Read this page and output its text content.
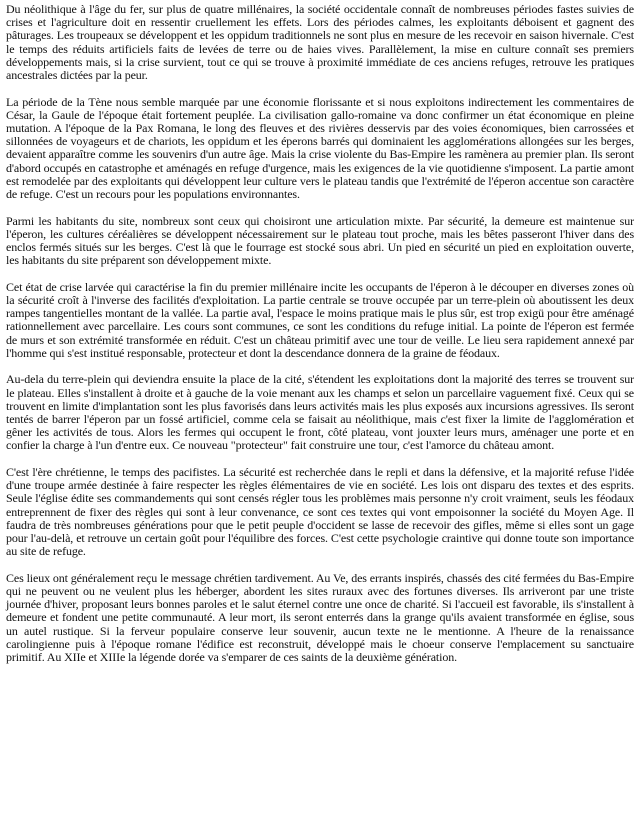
Du néolithique à l'âge du fer, sur plus de quatre millénaires, la société occidentale connaît de nombreuses périodes fastes suivies de crises et l'agriculture doit en ressentir cruellement les effets. Lors des périodes calmes, les exploitants déboisent et gagnent des pâturages. Les troupeaux se développent et les oppidum traditionnels ne sont plus en mesure de les recevoir en saison hivernale. C'est le temps des réduits artificiels faits de levées de terre ou de haies vives. Parallèlement, la mise en culture connaît ses premiers développements mais, si la crise survient, tout ce qui se trouve à proximité immédiate de ces anciens refuges, retrouve les pratiques ancestrales dictées par la peur.

La période de la Tène nous semble marquée par une économie florissante et si nous exploitons indirectement les commentaires de César, la Gaule de l'époque était fortement peuplée. La civilisation gallo-romaine va donc confirmer un état économique en pleine mutation. A l'époque de la Pax Romana, le long des fleuves et des rivières desservis par des voies économiques, bien carrossées et sillonnées de voyageurs et de chariots, les oppidum et les éperons barrés qui dominaient les agglomérations allongées sur les berges, devaient apparaître comme les souvenirs d'un autre âge. Mais la crise violente du Bas-Empire les ramènera au premier plan. Ils seront d'abord occupés en catastrophe et aménagés en refuge d'urgence, mais les exigences de la vie quotidienne s'imposent. La partie amont est remodelée par des exploitants qui développent leur culture vers le plateau tandis que l'extrémité de l'éperon accentue son caractère de refuge. C'est un recours pour les populations environnantes.

Parmi les habitants du site, nombreux sont ceux qui choisiront une articulation mixte. Par sécurité, la demeure est maintenue sur l'éperon, les cultures céréalières se développent nécessairement sur le plateau tout proche, mais les bêtes passeront l'hiver dans des enclos fermés situés sur les berges. C'est là que le fourrage est stocké sous abri. Un pied en sécurité un pied en exploitation ouverte, les habitants du site préparent son développement mixte.

Cet état de crise larvée qui caractérise la fin du premier millénaire incite les occupants de l'éperon à le découper en diverses zones où la sécurité croît à l'inverse des facilités d'exploitation. La partie centrale se trouve occupée par un terre-plein où aboutissent les deux rampes tangentielles montant de la vallée. La partie aval, l'espace le moins pratique mais le plus sûr, est trop exigü pour être aménagé rationnellement avec parcellaire. Les cours sont communes, ce sont les conditions du refuge initial. La pointe de l'éperon est fermée de murs et son extrémité transformée en réduit. C'est un château primitif avec une tour de veille. Le lieu sera rapidement annexé par l'homme qui s'est institué responsable, protecteur et dont la descendance donnera de la graine de féodaux.

Au-dela du terre-plein qui deviendra ensuite la place de la cité, s'étendent les exploitations dont la majorité des terres se trouvent sur le plateau. Elles s'installent à droite et à gauche de la voie menant aux les champs et selon un parcellaire vaguement fixé. Ceux qui se trouvent en limite d'implantation sont les plus favorisés dans leurs activités mais les plus exposés aux incursions agressives. Ils seront tentés de barrer l'éperon par un fossé artificiel, comme cela se faisait au néolithique, mais c'est fixer la limite de l'agglomération et gêner les activités de tous. Alors les fermes qui occupent le front, côté plateau, vont jouxter leurs murs, aménager une porte et en confier la charge à l'un d'entre eux. Ce nouveau "protecteur" fait construire une tour, c'est l'amorce du château amont.

C'est l'ère chrétienne, le temps des pacifistes. La sécurité est recherchée dans le repli et dans la défensive, et la majorité refuse l'idée d'une troupe armée destinée à faire respecter les règles élémentaires de vie en société. Les lois ont disparu des textes et des esprits. Seule l'église édite ses commandements qui sont censés régler tous les problèmes mais personne n'y croit vraiment, seuls les féodaux entreprennent de fixer des règles qui sont à leur convenance, ce sont ces textes qui vont empoisonner la société du Moyen Age. Il faudra de très nombreuses générations pour que le petit peuple d'occident se lasse de recevoir des gifles, même si elles sont un gage pour l'au-delà, et retrouve un certain goût pour l'équilibre des forces. C'est cette psychologie craintive qui donne toute son importance au site de refuge.

Ces lieux ont généralement reçu le message chrétien tardivement. Au Ve, des errants inspirés, chassés des cité fermées du Bas-Empire qui ne peuvent ou ne veulent plus les héberger, abordent les sites ruraux avec des fortunes diverses. Ils arriveront par une triste journée d'hiver, proposant leurs bonnes paroles et le salut éternel contre une once de charité. Si l'accueil est favorable, ils s'installent à demeure et fondent une petite communauté. A leur mort, ils seront enterrés dans la grange qu'ils avaient transformée en église, sous un autel rustique. Si la ferveur populaire conserve leur souvenir, aucun texte ne le mentionne. A l'heure de la renaissance carolingienne puis à l'époque romane l'édifice est reconstruit, développé mais le choeur conserve l'emplacement su sanctuaire primitif. Au XIIe et XIIIe la légende dorée va s'emparer de ces saints de la deuxième génération.
